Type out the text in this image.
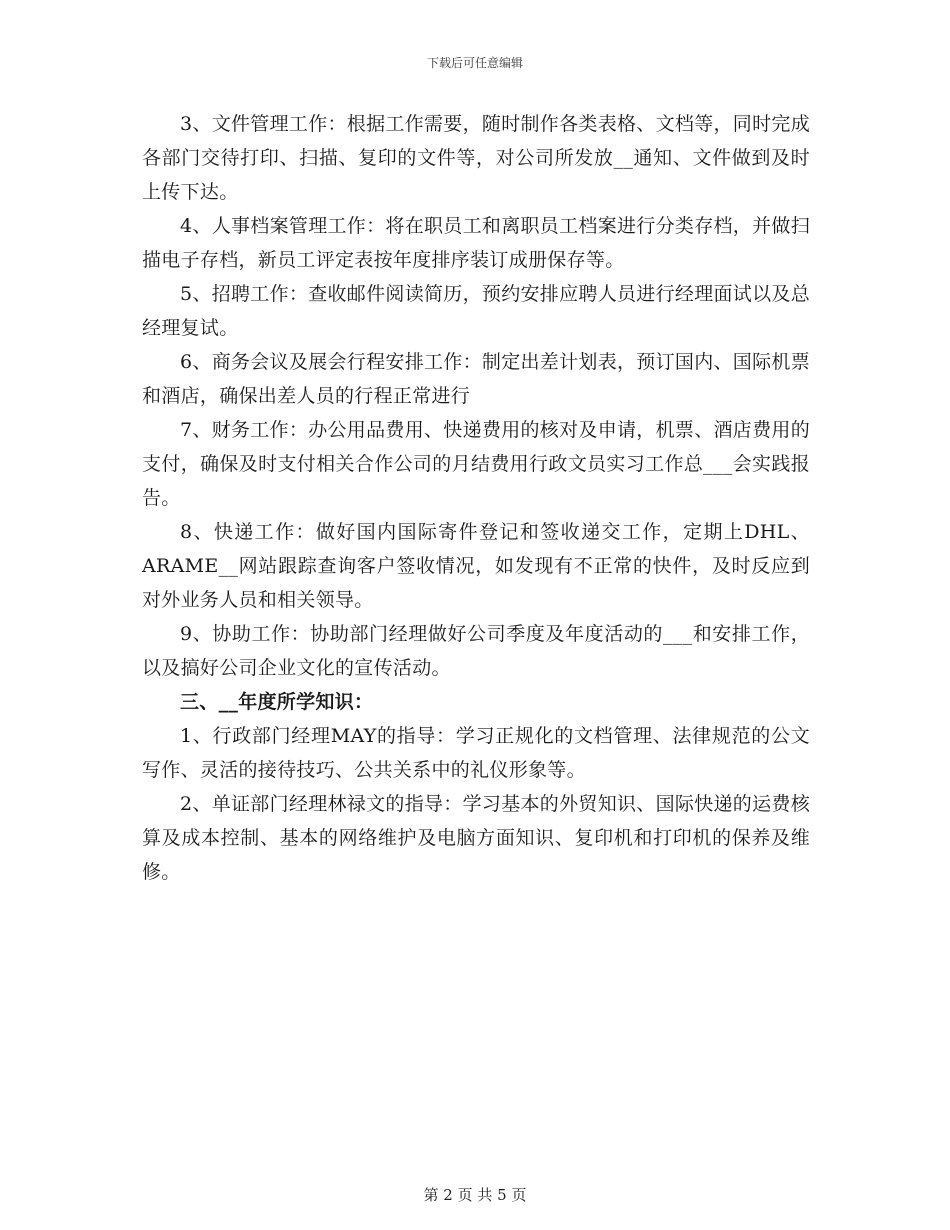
下载后可任意编辑

3、文件管理工作：根据工作需要，随时制作各类表格、文档等，同时完成各部门交待打印、扫描、复印的文件等，对公司所发放__通知、文件做到及时上传下达。

4、人事档案管理工作：将在职员工和离职员工档案进行分类存档，并做扫描电子存档，新员工评定表按年度排序装订成册保存等。

5、招聘工作：查收邮件阅读简历，预约安排应聘人员进行经理面试以及总经理复试。

6、商务会议及展会行程安排工作：制定出差计划表，预订国内、国际机票和酒店，确保出差人员的行程正常进行

7、财务工作：办公用品费用、快递费用的核对及申请，机票、酒店费用的支付，确保及时支付相关合作公司的月结费用行政文员实习工作总___会实践报告。

8、快递工作：做好国内国际寄件登记和签收递交工作，定期上DHL、ARAME__网站跟踪查询客户签收情况，如发现有不正常的快件，及时反应到对外业务人员和相关领导。

9、协助工作：协助部门经理做好公司季度及年度活动的___和安排工作，以及搞好公司企业文化的宣传活动。

三、__年度所学知识：

1、行政部门经理MAY的指导：学习正规化的文档管理、法律规范的公文写作、灵活的接待技巧、公共关系中的礼仪形象等。

2、单证部门经理林禄文的指导：学习基本的外贸知识、国际快递的运费核算及成本控制、基本的网络维护及电脑方面知识、复印机和打印机的保养及维修。

第 2 页 共 5 页
